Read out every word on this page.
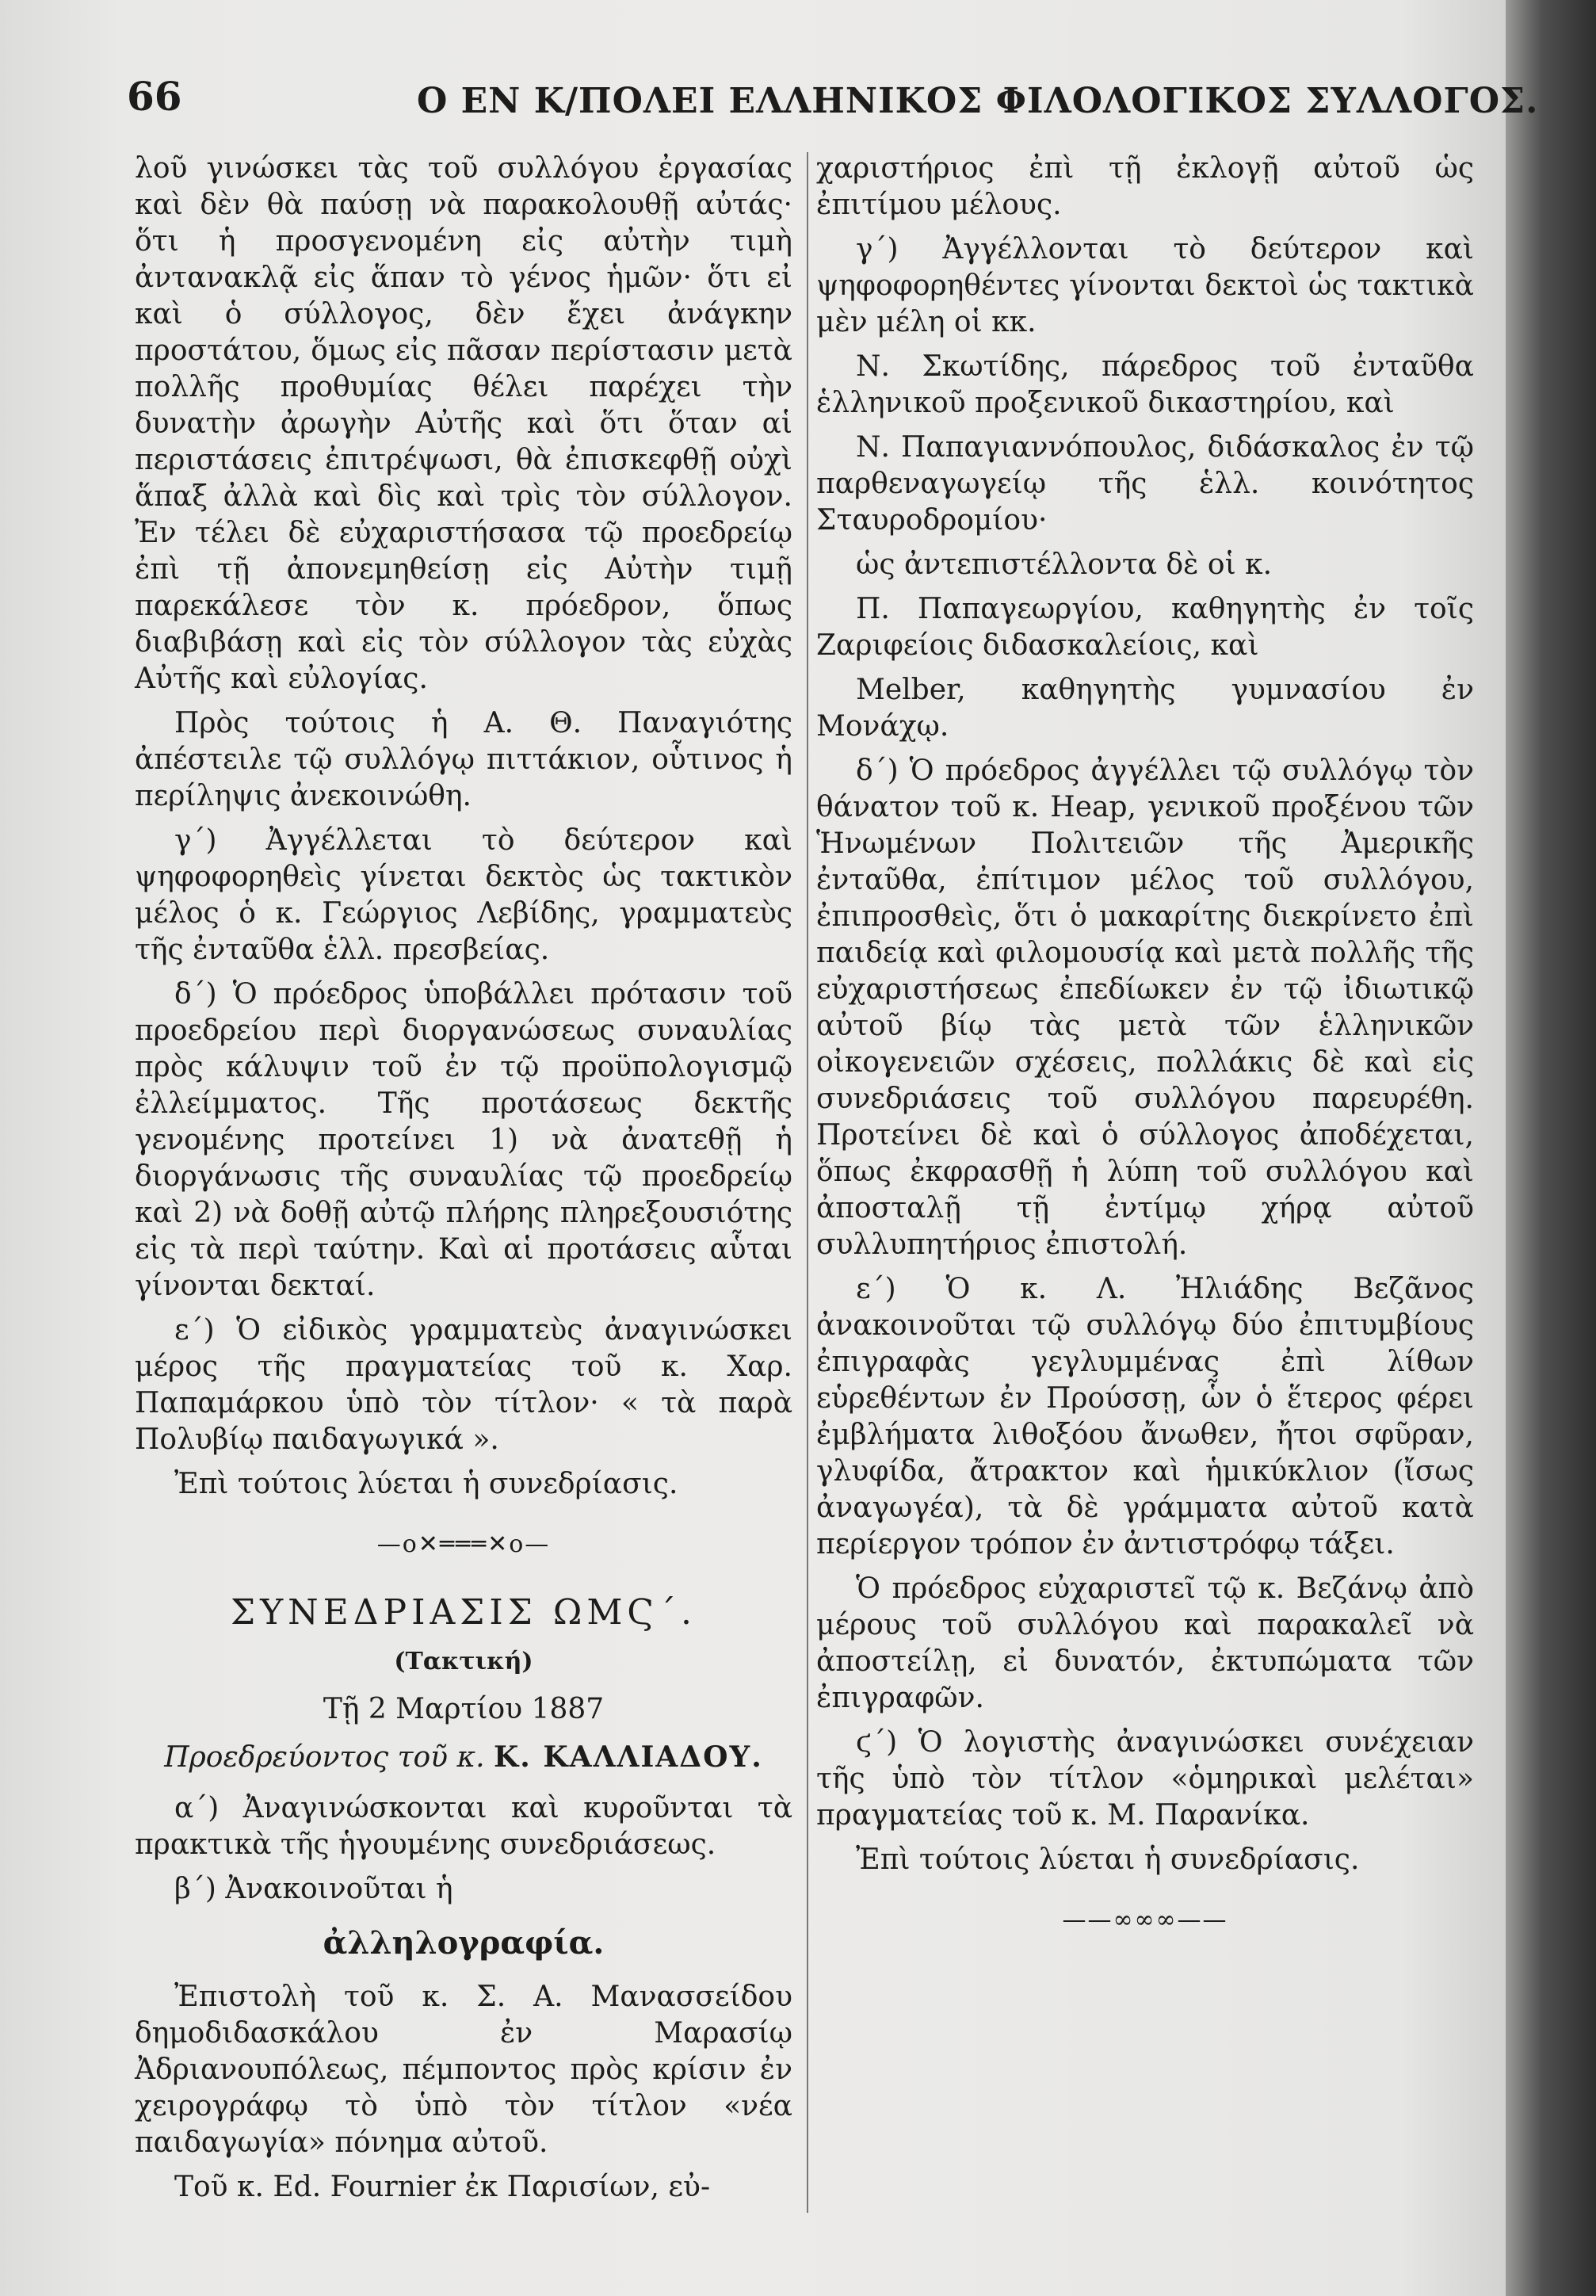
66	Ο ΕΝ Κ/ΠΟΛΕΙ ΕΛΛΗΝΙΚΟΣ ΦΙΛΟΛΟΓΙΚΟΣ ΣΥΛΛΟΓΟΣ.

λοῦ γινώσκει τὰς τοῦ συλλόγου ἐργασίας καὶ δὲν θὰ παύσῃ νὰ παρακολουθῇ αὐτάς· ὅτι ἡ προσγενομένη εἰς αὐτὴν τιμὴ ἀντανακλᾷ εἰς ἅπαν τὸ γένος ἡμῶν· ὅτι εἰ καὶ ὁ σύλλογος, δὲν ἔχει ἀνάγκην προστάτου, ὅμως εἰς πᾶσαν περίστασιν μετὰ πολλῆς προθυμίας θέλει παρέχει τὴν δυνατὴν ἀρωγὴν Αὐτῆς καὶ ὅτι ὅταν αἱ περιστάσεις ἐπιτρέψωσι, θὰ ἐπισκεφθῇ οὐχὶ ἅπαξ ἀλλὰ καὶ δὶς καὶ τρὶς τὸν σύλλογον. Ἐν τέλει δὲ εὐχαριστήσασα τῷ προεδρείῳ ἐπὶ τῇ ἀπονεμηθείσῃ εἰς Αὐτὴν τιμῇ παρεκάλεσε τὸν κ. πρόεδρον, ὅπως διαβιβάσῃ καὶ εἰς τὸν σύλλογον τὰς εὐχὰς Αὐτῆς καὶ εὐλογίας.

Πρὸς τούτοις ἡ Α. Θ. Παναγιότης ἀπέστειλε τῷ συλλόγῳ πιττάκιον, οὗτινος ἡ περίληψις ἀνεκοινώθη.

γ΄) Ἀγγέλλεται τὸ δεύτερον καὶ ψηφοφορηθεὶς γίνεται δεκτὸς ὡς τακτικὸν μέλος ὁ κ. Γεώργιος Λεβίδης, γραμματεὺς τῆς ἐνταῦθα ἑλλ. πρεσβείας.

δ΄) Ὁ πρόεδρος ὑποβάλλει πρότασιν τοῦ προεδρείου περὶ διοργανώσεως συναυλίας πρὸς κάλυψιν τοῦ ἐν τῷ προϋπολογισμῷ ἐλλείμματος. Τῆς προτάσεως δεκτῆς γενομένης προτείνει 1) νὰ ἀνατεθῇ ἡ διοργάνωσις τῆς συναυλίας τῷ προεδρείῳ καὶ 2) νὰ δοθῇ αὐτῷ πλήρης πληρεξουσιότης εἰς τὰ περὶ ταύτην. Καὶ αἱ προτάσεις αὗται γίνονται δεκταί.

ε΄) Ὁ εἰδικὸς γραμματεὺς ἀναγινώσκει μέρος τῆς πραγματείας τοῦ κ. Χαρ. Παπαμάρκου ὑπὸ τὸν τίτλον· « τὰ παρὰ Πολυβίῳ παιδαγωγικά ».

Ἐπὶ τούτοις λύεται ἡ συνεδρίασις.

—o✕═══✕o—
ΣΥΝΕΔΡΙΑΣΙΣ ΩΜϚ΄.
(Τακτική)
Τῇ 2 Μαρτίου 1887
Προεδρεύοντος τοῦ κ. Κ. ΚΑΛΛΙΑΔΟΥ.

α΄) Ἀναγινώσκονται καὶ κυροῦνται τὰ πρακτικὰ τῆς ἡγουμένης συνεδριάσεως.

β΄) Ἀνακοινοῦται ἡ

ἀλληλογραφία.

Ἐπιστολὴ τοῦ κ. Σ. Α. Μανασσείδου δημοδιδασκάλου ἐν Μαρασίῳ Ἀδριανουπόλεως, πέμποντος πρὸς κρίσιν ἐν χειρογράφῳ τὸ ὑπὸ τὸν τίτλον «νέα παιδαγωγία» πόνημα αὐτοῦ.

Τοῦ κ. Ed. Fournier ἐκ Παρισίων, εὐ-

χαριστήριος ἐπὶ τῇ ἐκλογῇ αὐτοῦ ὡς ἐπιτίμου μέλους.

γ΄) Ἀγγέλλονται τὸ δεύτερον καὶ ψηφοφορηθέντες γίνονται δεκτοὶ ὡς τακτικὰ μὲν μέλη οἱ κκ.

Ν. Σκωτίδης, πάρεδρος τοῦ ἐνταῦθα ἑλληνικοῦ προξενικοῦ δικαστηρίου, καὶ

Ν. Παπαγιαννόπουλος, διδάσκαλος ἐν τῷ παρθεναγωγείῳ τῆς ἑλλ. κοινότητος Σταυροδρομίου·

ὡς ἀντεπιστέλλοντα δὲ οἱ κ.

Π. Παπαγεωργίου, καθηγητὴς ἐν τοῖς Ζαριφείοις διδασκαλείοις, καὶ

Melber, καθηγητὴς γυμνασίου ἐν Μονάχῳ.

δ΄) Ὁ πρόεδρος ἀγγέλλει τῷ συλλόγῳ τὸν θάνατον τοῦ κ. Heap, γενικοῦ προξένου τῶν Ἡνωμένων Πολιτειῶν τῆς Ἀμερικῆς ἐνταῦθα, ἐπίτιμον μέλος τοῦ συλλόγου, ἐπιπροσθεὶς, ὅτι ὁ μακαρίτης διεκρίνετο ἐπὶ παιδείᾳ καὶ φιλομουσίᾳ καὶ μετὰ πολλῆς τῆς εὐχαριστήσεως ἐπεδίωκεν ἐν τῷ ἰδιωτικῷ αὐτοῦ βίῳ τὰς μετὰ τῶν ἑλληνικῶν οἰκογενειῶν σχέσεις, πολλάκις δὲ καὶ εἰς συνεδριάσεις τοῦ συλλόγου παρευρέθη. Προτείνει δὲ καὶ ὁ σύλλογος ἀποδέχεται, ὅπως ἐκφρασθῇ ἡ λύπη τοῦ συλλόγου καὶ ἀποσταλῇ τῇ ἐντίμῳ χήρᾳ αὐτοῦ συλλυπητήριος ἐπιστολή.

ε΄) Ὁ κ. Λ. Ἠλιάδης Βεζᾶνος ἀνακοινοῦται τῷ συλλόγῳ δύο ἐπιτυμβίους ἐπιγραφὰς γεγλυμμένας ἐπὶ λίθων εὑρεθέντων ἐν Προύσσῃ, ὧν ὁ ἕτερος φέρει ἐμβλήματα λιθοξόου ἄνωθεν, ἤτοι σφῦραν, γλυφίδα, ἄτρακτον καὶ ἡμικύκλιον (ἴσως ἀναγωγέα), τὰ δὲ γράμματα αὐτοῦ κατὰ περίεργον τρόπον ἐν ἀντιστρόφῳ τάξει.

Ὁ πρόεδρος εὐχαριστεῖ τῷ κ. Βεζάνῳ ἀπὸ μέρους τοῦ συλλόγου καὶ παρακαλεῖ νὰ ἀποστείλῃ, εἰ δυνατόν, ἐκτυπώματα τῶν ἐπιγραφῶν.

ϛ΄) Ὁ λογιστὴς ἀναγινώσκει συνέχειαν τῆς ὑπὸ τὸν τίτλον «ὁμηρικαὶ μελέται» πραγματείας τοῦ κ. Μ. Παρανίκα.

Ἐπὶ τούτοις λύεται ἡ συνεδρίασις.

——∞∞∞——
